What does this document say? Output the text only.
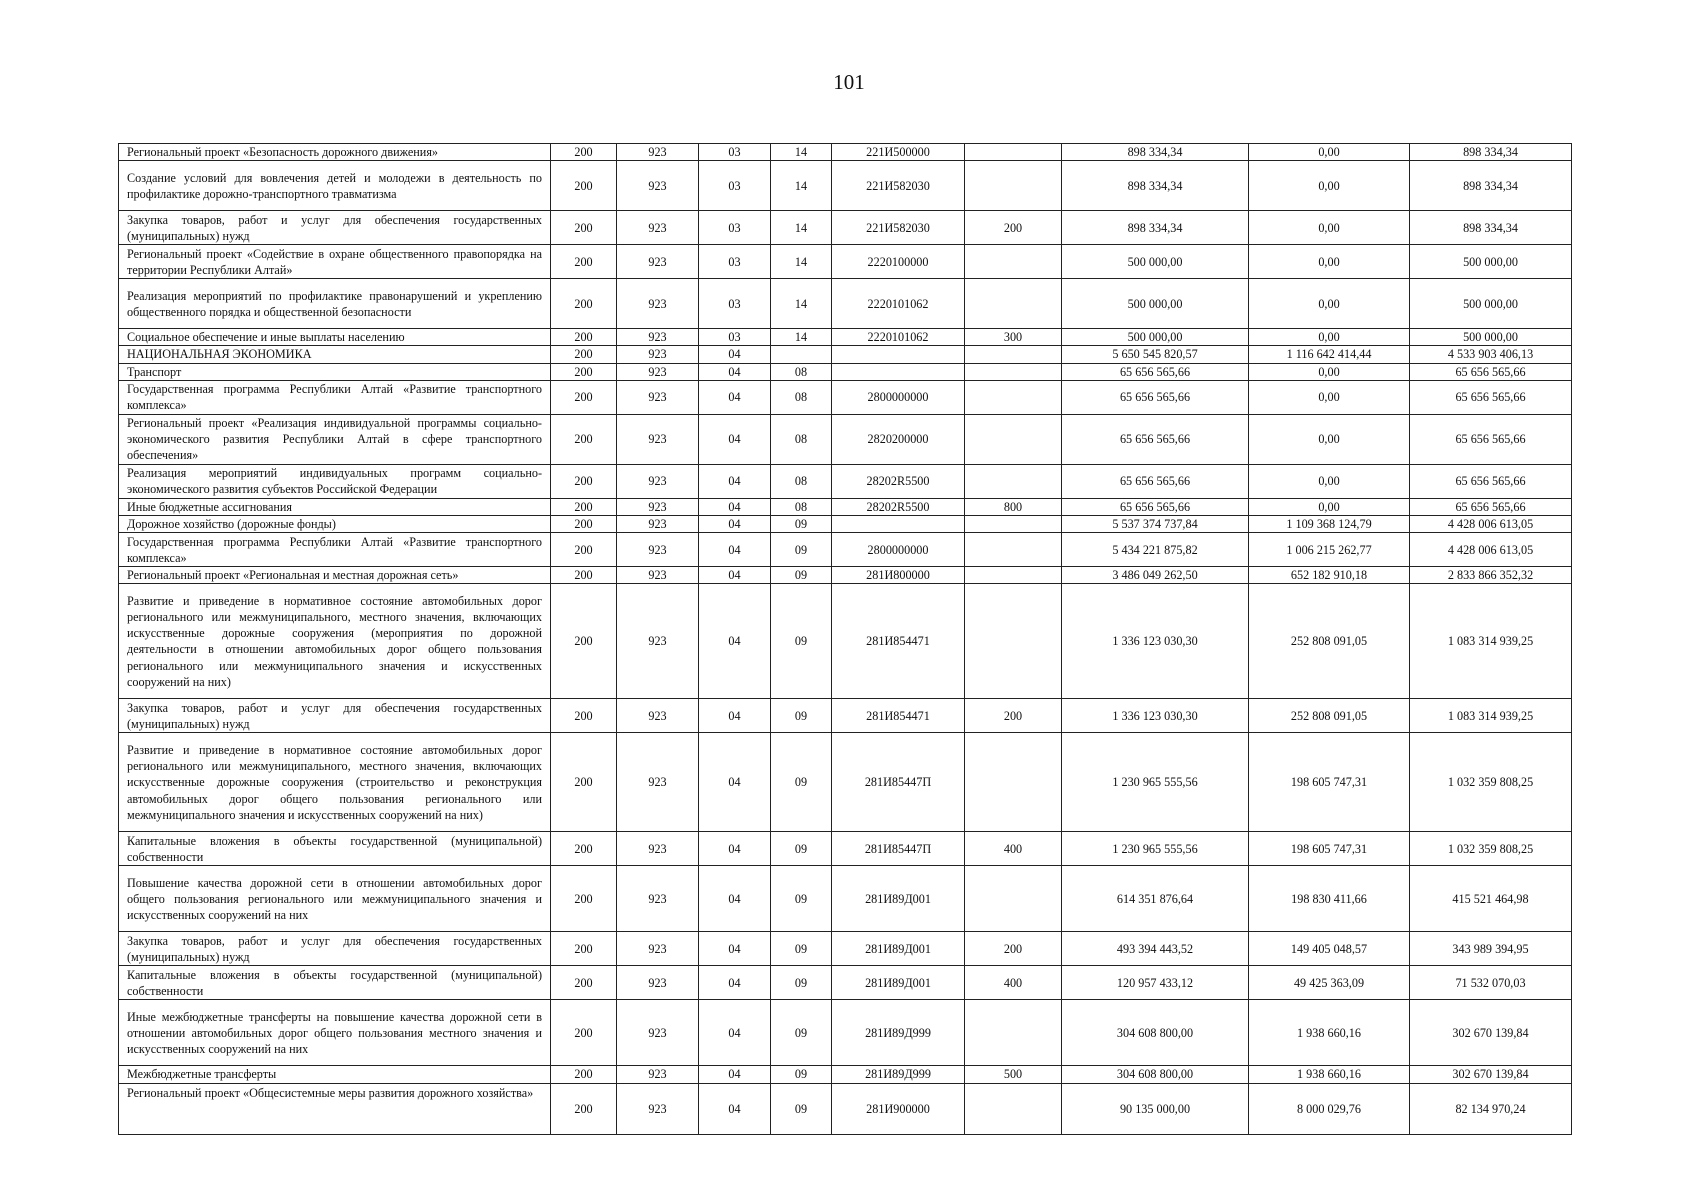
101
Региональный проект «Безопасность дорожного движения»	200	923	03	14	221И500000		898 334,34	0,00	898 334,34
Создание условий для вовлечения детей и молодежи в деятельность по профилактике дорожно-транспортного травматизма	200	923	03	14	221И582030		898 334,34	0,00	898 334,34
Закупка товаров, работ и услуг для обеспечения государственных (муниципальных) нужд	200	923	03	14	221И582030	200	898 334,34	0,00	898 334,34
Региональный проект «Содействие в охране общественного правопорядка на территории Республики Алтай»	200	923	03	14	2220100000		500 000,00	0,00	500 000,00
Реализация мероприятий по профилактике правонарушений и укреплению общественного порядка и общественной безопасности	200	923	03	14	2220101062		500 000,00	0,00	500 000,00
Социальное обеспечение и иные выплаты населению	200	923	03	14	2220101062	300	500 000,00	0,00	500 000,00
НАЦИОНАЛЬНАЯ ЭКОНОМИКА	200	923	04				5 650 545 820,57	1 116 642 414,44	4 533 903 406,13
Транспорт	200	923	04	08			65 656 565,66	0,00	65 656 565,66
Государственная программа Республики Алтай «Развитие транспортного комплекса»	200	923	04	08	2800000000		65 656 565,66	0,00	65 656 565,66
Региональный проект «Реализация индивидуальной программы социально-экономического развития Республики Алтай в сфере транспортного обеспечения»	200	923	04	08	2820200000		65 656 565,66	0,00	65 656 565,66
Реализация мероприятий индивидуальных программ социально-экономического развития субъектов Российской Федерации	200	923	04	08	28202R5500		65 656 565,66	0,00	65 656 565,66
Иные бюджетные ассигнования	200	923	04	08	28202R5500	800	65 656 565,66	0,00	65 656 565,66
Дорожное хозяйство (дорожные фонды)	200	923	04	09			5 537 374 737,84	1 109 368 124,79	4 428 006 613,05
Государственная программа Республики Алтай «Развитие транспортного комплекса»	200	923	04	09	2800000000		5 434 221 875,82	1 006 215 262,77	4 428 006 613,05
Региональный проект «Региональная и местная дорожная сеть»	200	923	04	09	281И800000		3 486 049 262,50	652 182 910,18	2 833 866 352,32
Развитие и приведение в нормативное состояние автомобильных дорог регионального или межмуниципального, местного значения, включающих искусственные дорожные сооружения (мероприятия по дорожной деятельности в отношении автомобильных дорог общего пользования регионального или межмуниципального значения и искусственных сооружений на них)	200	923	04	09	281И854471		1 336 123 030,30	252 808 091,05	1 083 314 939,25
Закупка товаров, работ и услуг для обеспечения государственных (муниципальных) нужд	200	923	04	09	281И854471	200	1 336 123 030,30	252 808 091,05	1 083 314 939,25
Развитие и приведение в нормативное состояние автомобильных дорог регионального или межмуниципального, местного значения, включающих искусственные дорожные сооружения (строительство и реконструкция автомобильных дорог общего пользования регионального или межмуниципального значения и искусственных сооружений на них)	200	923	04	09	281И85447П		1 230 965 555,56	198 605 747,31	1 032 359 808,25
Капитальные вложения в объекты государственной (муниципальной) собственности	200	923	04	09	281И85447П	400	1 230 965 555,56	198 605 747,31	1 032 359 808,25
Повышение качества дорожной сети в отношении автомобильных дорог общего пользования регионального или межмуниципального значения и искусственных сооружений на них	200	923	04	09	281И89Д001		614 351 876,64	198 830 411,66	415 521 464,98
Закупка товаров, работ и услуг для обеспечения государственных (муниципальных) нужд	200	923	04	09	281И89Д001	200	493 394 443,52	149 405 048,57	343 989 394,95
Капитальные вложения в объекты государственной (муниципальной) собственности	200	923	04	09	281И89Д001	400	120 957 433,12	49 425 363,09	71 532 070,03
Иные межбюджетные трансферты на повышение качества дорожной сети в отношении автомобильных дорог общего пользования местного значения и искусственных сооружений на них	200	923	04	09	281И89Д999		304 608 800,00	1 938 660,16	302 670 139,84
Межбюджетные трансферты	200	923	04	09	281И89Д999	500	304 608 800,00	1 938 660,16	302 670 139,84
Региональный проект «Общесистемные меры развития дорожного хозяйства»	200	923	04	09	281И900000		90 135 000,00	8 000 029,76	82 134 970,24
